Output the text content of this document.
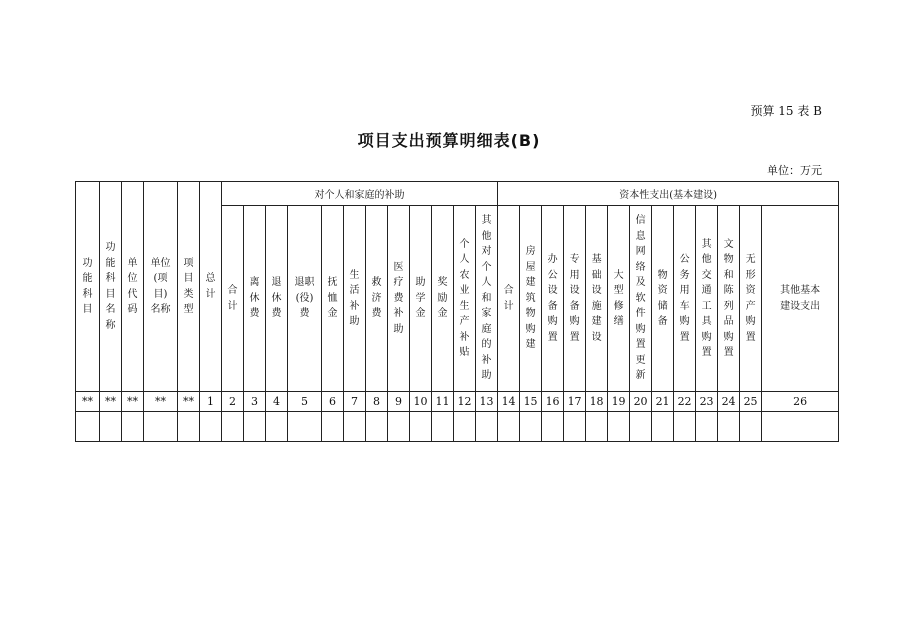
预算 15 表 B
项目支出预算明细表(B)
单位：万元
功能科目	功能科目名称	单位代码	单位(项目)名称	项目类型	总计	对个人和家庭的补助												资本性支出(基本建设)												
						合计	离休费	退休费	退职(役)费	抚恤金	生活补助	救济费	医疗费补助	助学金	奖励金	个人农业生产补贴	其他对个人和家庭的补助	合计	房屋建筑物购建	办公设备购置	专用设备购置	基础设施建设	大型修缮	信息网络及软件购置更新	物资储备	公务用车购置	其他交通工具购置	文物和陈列品购置	无形资产购置	其他基本建设支出
**	**	**	**	**	1	2	3	4	5	6	7	8	9	10	11	12	13	14	15	16	17	18	19	20	21	22	23	24	25	26
